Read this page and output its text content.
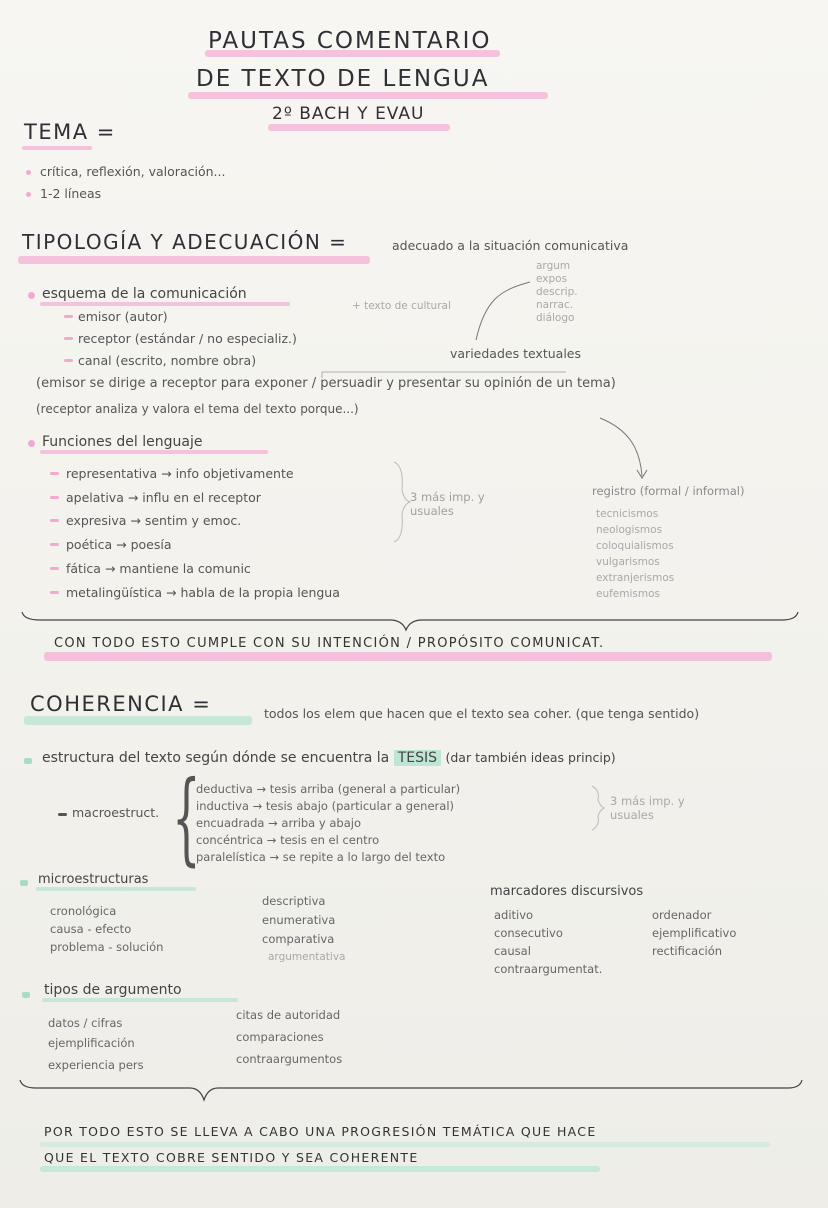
PAUTAS COMENTARIO
DE TEXTO DE LENGUA
2º BACH Y EVAU
TEMA =
crítica, reflexión, valoración...
1-2 líneas
TIPOLOGÍA Y ADECUACIÓN =	adecuado a la situación comunicativa
esquema de la comunicación
emisor (autor)
receptor (estándar / no especializ.)
canal (escrito, nombre obra)
+ texto de cultural
argum
expos
descrip.
narrac.
diálogo
variedades textuales
(emisor se dirige a receptor para exponer / persuadir y presentar su opinión de un tema)
(receptor analiza y valora el tema del texto porque...)
Funciones del lenguaje
representativa → info objetivamente
apelativa → influ en el receptor
expresiva → sentim y emoc.
poética → poesía
fática → mantiene la comunic
metalingüística → habla de la propia lengua
3 más imp. y usuales
registro (formal / informal)
tecnicismos
neologismos
coloquialismos
vulgarismos
extranjerismos
eufemismos
CON TODO ESTO CUMPLE CON SU INTENCIÓN / PROPÓSITO COMUNICAT.
COHERENCIA =	todos los elem que hacen que el texto sea coher. (que tenga sentido)
estructura del texto según dónde se encuentra la TESIS (dar también ideas princip)
macroestruct. {
deductiva → tesis arriba (general a particular)
inductiva → tesis abajo (particular a general)
encuadrada → arriba y abajo
concéntrica → tesis en el centro
paralelística → se repite a lo largo del texto
3 más imp. y usuales
microestructuras
cronológica
causa - efecto
problema - solución
descriptiva
enumerativa
comparativa
argumentativa
marcadores discursivos
aditivo
consecutivo
causal
contraargumentat.
ordenador
ejemplificativo
rectificación
tipos de argumento
datos / cifras
ejemplificación
experiencia pers
citas de autoridad
comparaciones
contraargumentos
POR TODO ESTO SE LLEVA A CABO UNA PROGRESIÓN TEMÁTICA QUE HACE
QUE EL TEXTO COBRE SENTIDO Y SEA COHERENTE
